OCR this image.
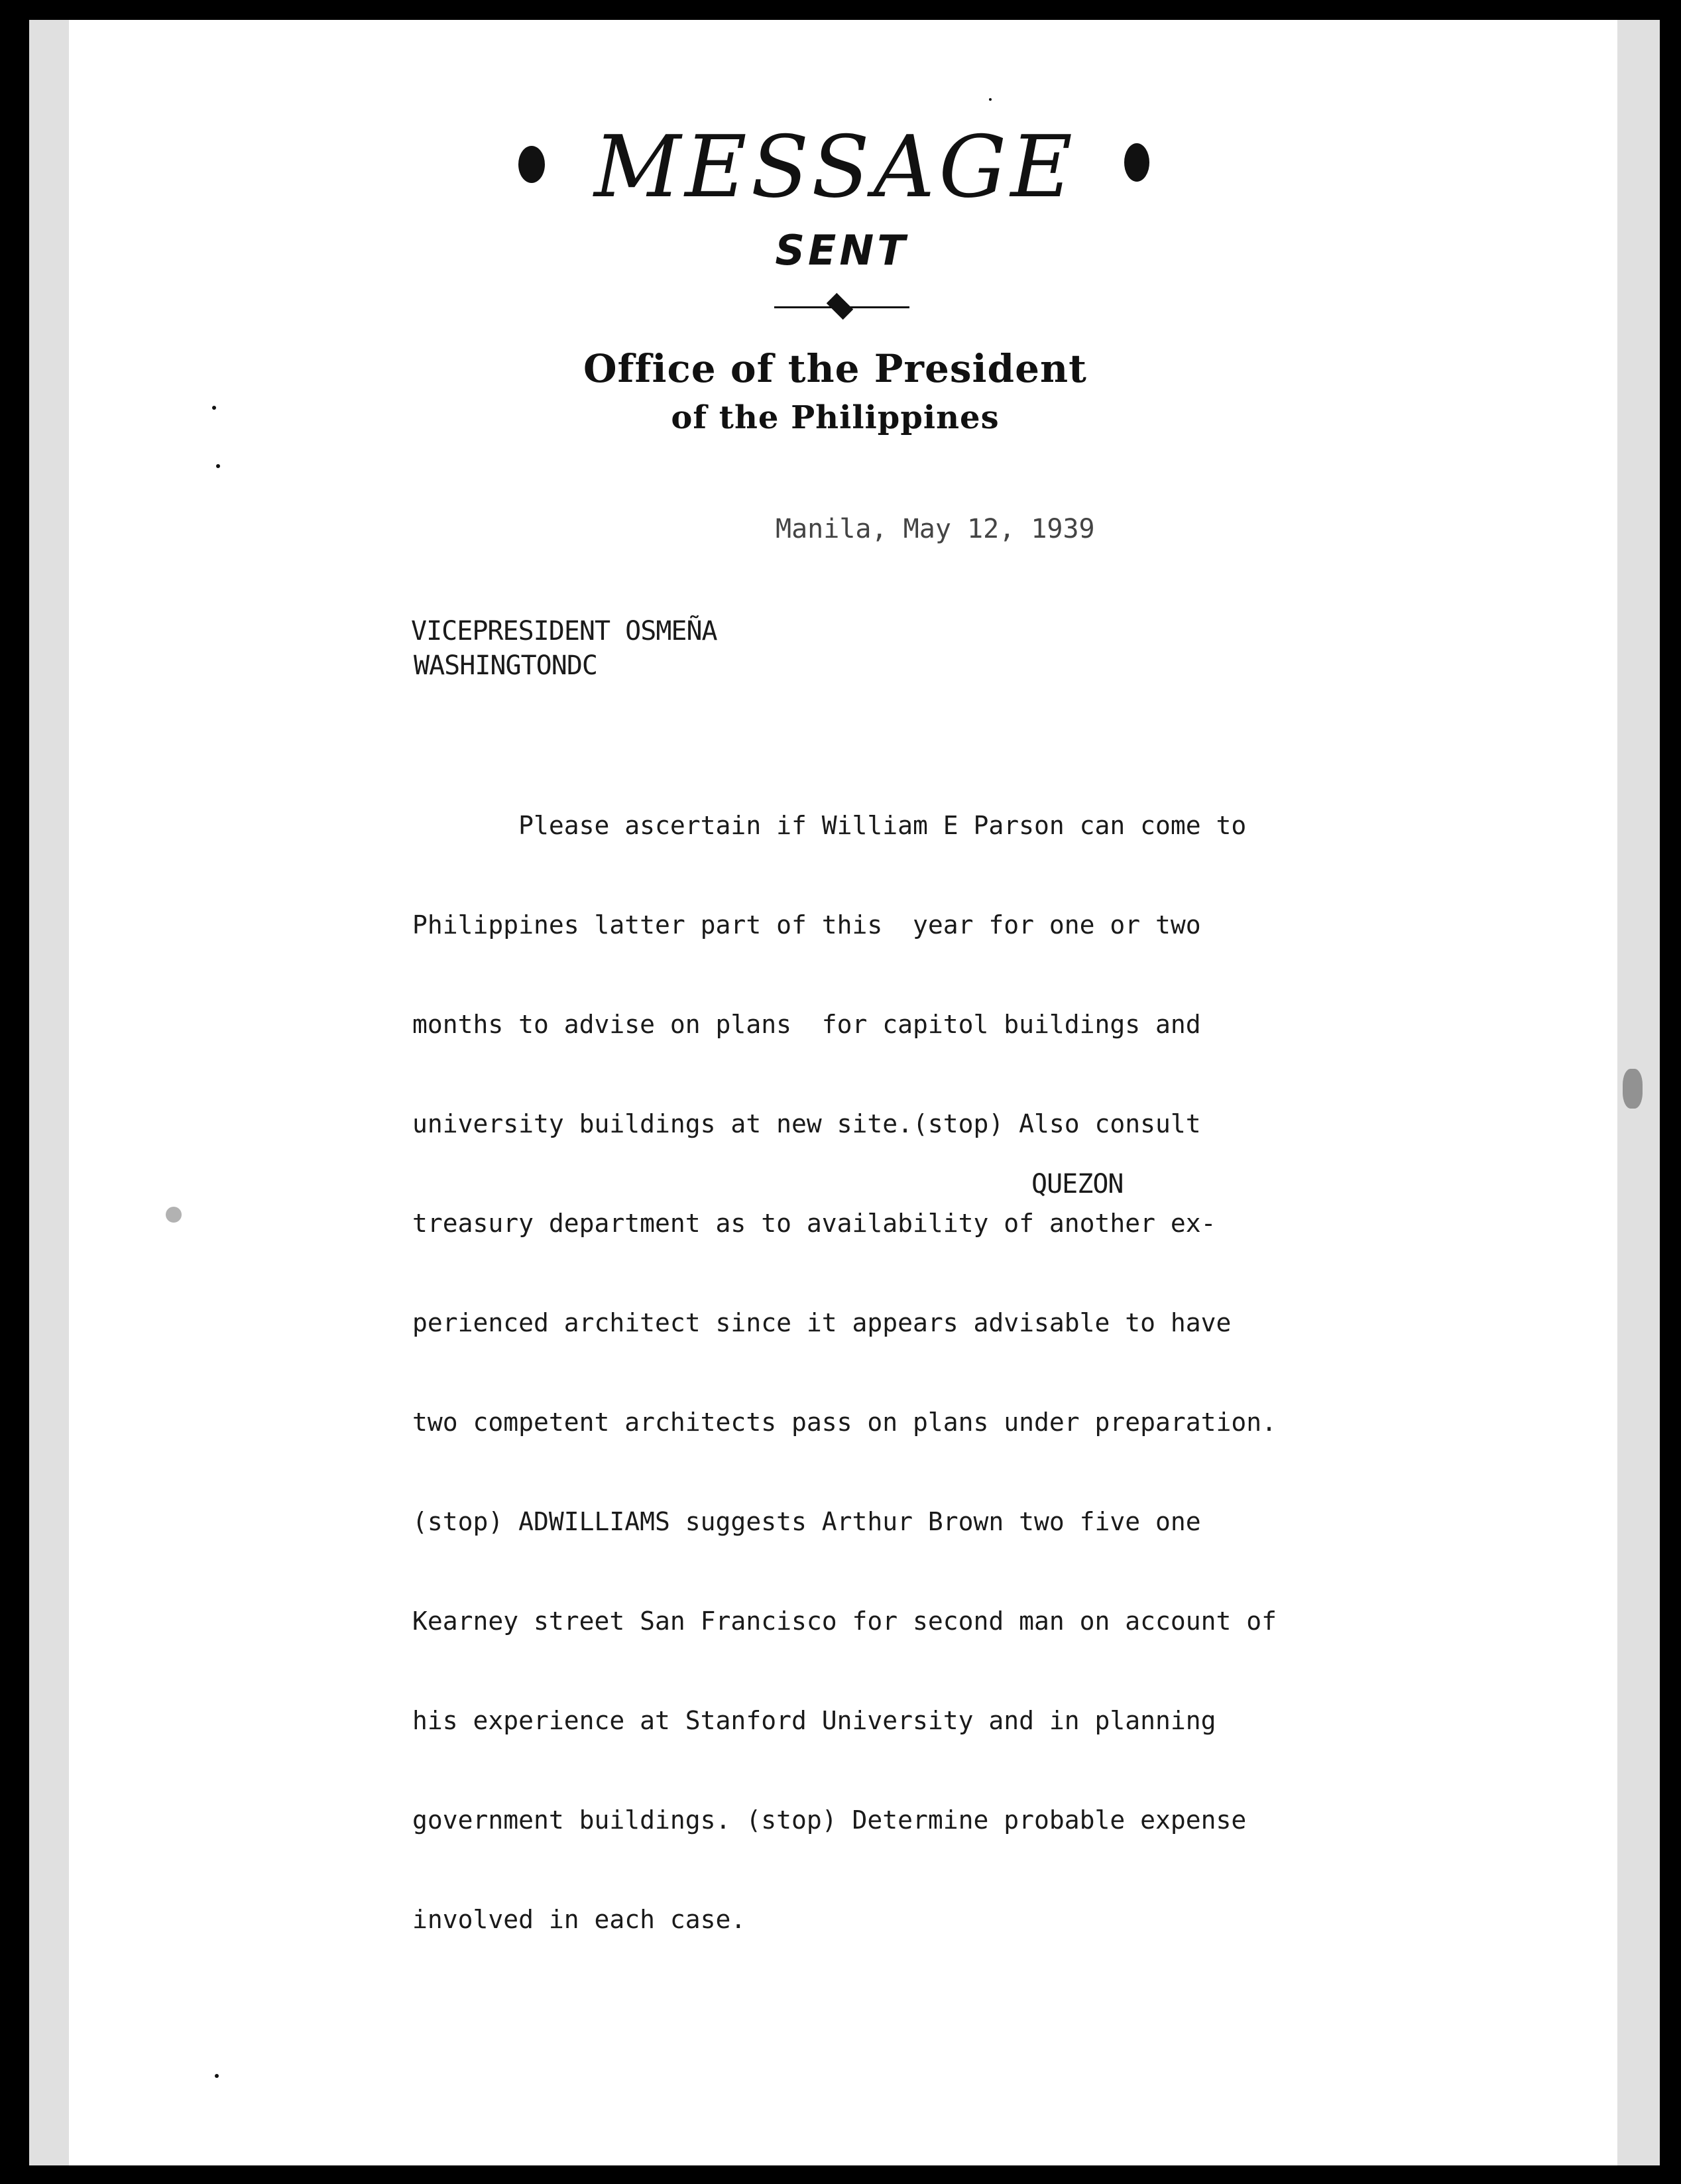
MESSAGE
SENT
Office of the President
of the Philippines
Manila, May 12, 1939
VICEPRESIDENT OSMEÑA
WASHINGTONDC

Please ascertain if William E Parson can come to

Philippines latter part of this  year for one or two

months to advise on plans  for capitol buildings and

university buildings at new site.(stop) Also consult

treasury department as to availability of another ex-

perienced architect since it appears advisable to have

two competent architects pass on plans under preparation.

(stop) ADWILLIAMS suggests Arthur Brown two five one

Kearney street San Francisco for second man on account of

his experience at Stanford University and in planning

government buildings. (stop) Determine probable expense

involved in each case.

QUEZON
